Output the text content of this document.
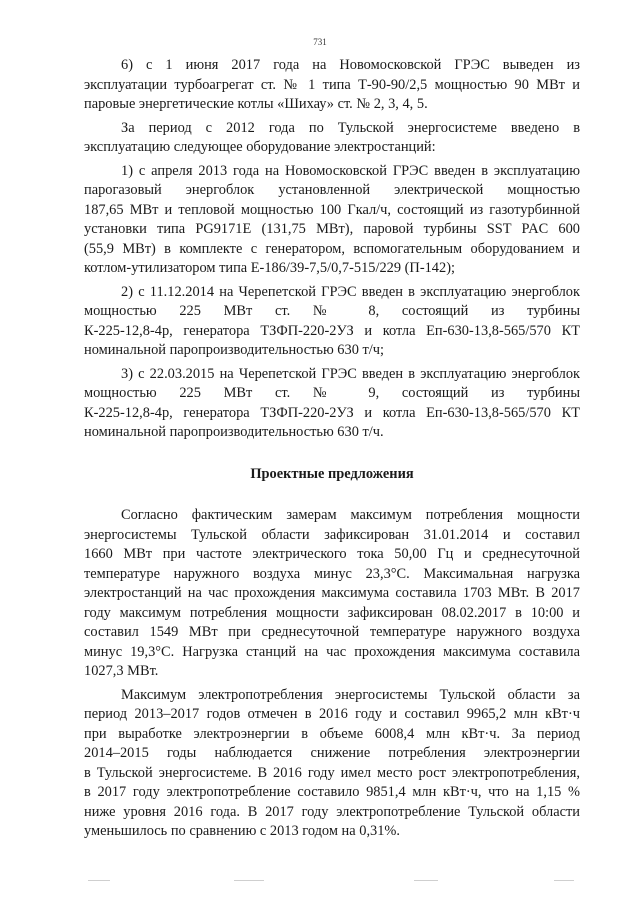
731
6) с 1 июня 2017 года на Новомосковской ГРЭС выведен из
эксплуатации турбоагрегат ст. № 1 типа Т-90-90/2,5 мощностью 90 МВт и
паровые энергетические котлы «Шихау» ст. № 2, 3, 4, 5.
За период с 2012 года по Тульской энергосистеме введено в
эксплуатацию следующее оборудование электростанций:
1) с апреля 2013 года на Новомосковской ГРЭС введен в эксплуатацию
парогазовый энергоблок установленной электрической мощностью
187,65 МВт и тепловой мощностью 100 Гкал/ч, состоящий из газотурбинной
установки типа PG9171E (131,75 МВт), паровой турбины SST PAC 600
(55,9 МВт) в комплекте с генератором, вспомогательным оборудованием и
котлом-утилизатором типа Е-186/39-7,5/0,7-515/229 (П-142);
2) с 11.12.2014 на Черепетской ГРЭС введен в эксплуатацию энергоблок
мощностью 225 МВт ст. № 8, состоящий из турбины
К-225-12,8-4р, генератора ТЗФП-220-2УЗ и котла Еп-630-13,8-565/570 КТ
номинальной паропроизводительностью 630 т/ч;
3) с 22.03.2015 на Черепетской ГРЭС введен в эксплуатацию энергоблок
мощностью 225 МВт ст. № 9, состоящий из турбины
К-225-12,8-4р, генератора ТЗФП-220-2УЗ и котла Еп-630-13,8-565/570 КТ
номинальной паропроизводительностью 630 т/ч.
Проектные предложения
Согласно фактическим замерам максимум потребления мощности
энергосистемы Тульской области зафиксирован 31.01.2014 и составил
1660 МВт при частоте электрического тока 50,00 Гц и среднесуточной
температуре наружного воздуха минус 23,3°С. Максимальная нагрузка
электростанций на час прохождения максимума составила 1703 МВт. В 2017
году максимум потребления мощности зафиксирован 08.02.2017 в 10:00 и
составил 1549 МВт при среднесуточной температуре наружного воздуха
минус 19,3°С. Нагрузка станций на час прохождения максимума составила
1027,3 МВт.
Максимум электропотребления энергосистемы Тульской области за
период 2013–2017 годов отмечен в 2016 году и составил 9965,2 млн кВт·ч
при выработке электроэнергии в объеме 6008,4 млн кВт·ч. За период
2014–2015 годы наблюдается снижение потребления электроэнергии
в Тульской энергосистеме. В 2016 году имел место рост электропотребления,
в 2017 году электропотребление составило 9851,4 млн кВт·ч, что на 1,15 %
ниже уровня 2016 года. В 2017 году электропотребление Тульской области
уменьшилось по сравнению с 2013 годом на 0,31%.
